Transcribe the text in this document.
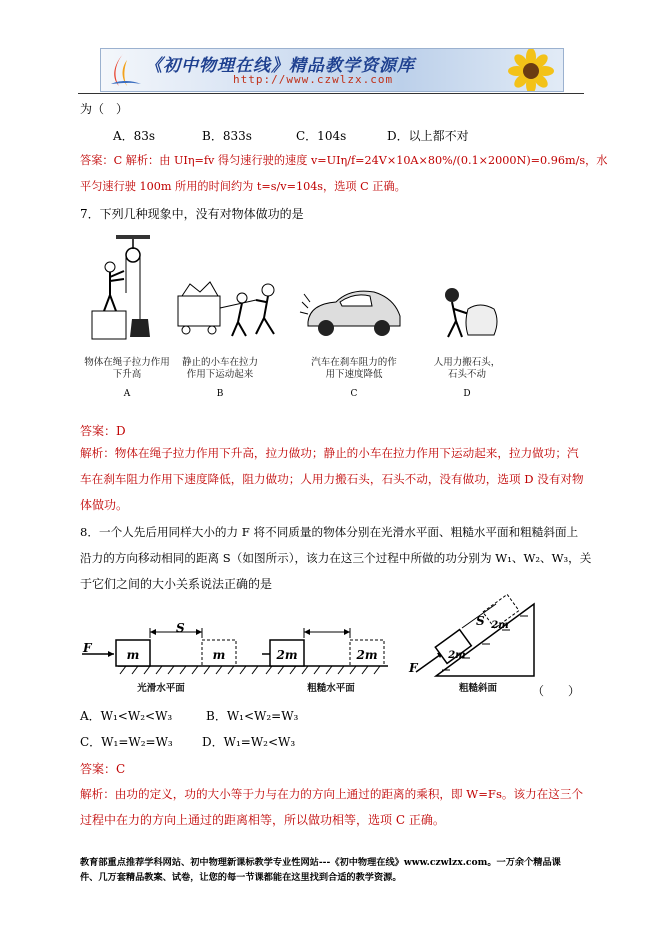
《初中物理在线》精品教学资源库
http://www.czwlzx.com
为（　）
A．83s	B．833s	C．104s	D．以上都不对
答案：C 解析：由 UIη=fv 得匀速行驶的速度 v=UIη/f=24V×10A×80%/(0.1×2000N)=0.96m/s，水
平匀速行驶 100m 所用的时间约为 t=s/v=104s，选项 C 正确。
7．下列几种现象中，没有对物体做功的是
物体在绳子拉力作用下升高
A
静止的小车在拉力作用下运动起来
B
汽车在刹车阻力的作用下速度降低
C
人用力搬石头，石头不动
D
答案：D
解析：物体在绳子拉力作用下升高，拉力做功；静止的小车在拉力作用下运动起来，拉力做功；汽
车在刹车阻力作用下速度降低，阻力做功；人用力搬石头，石头不动，没有做功，选项 D 没有对物
体做功。
8．一个人先后用同样大小的力 F 将不同质量的物体分别在光滑水平面、粗糙水平面和粗糙斜面上
沿力的方向移动相同的距离 S（如图所示），该力在这三个过程中所做的功分别为 W₁、W₂、W₃，关
于它们之间的大小关系说法正确的是
F
S
m	m
光滑水平面
2m	2m
粗糙水平面
F
S
2m
2m
粗糙斜面	（　　）
A．W₁<W₂<W₃	B．W₁<W₂=W₃
C．W₁=W₂=W₃ D．W₁=W₂<W₃
答案：C
解析：由功的定义，功的大小等于力与在力的方向上通过的距离的乘积，即 W=Fs。该力在这三个
过程中在力的方向上通过的距离相等，所以做功相等，选项 C 正确。
教育部重点推荐学科网站、初中物理新课标教学专业性网站---《初中物理在线》www.czwlzx.com。一万余个精品课
件、几万套精品教案、试卷，让您的每一节课都能在这里找到合适的教学资源。
